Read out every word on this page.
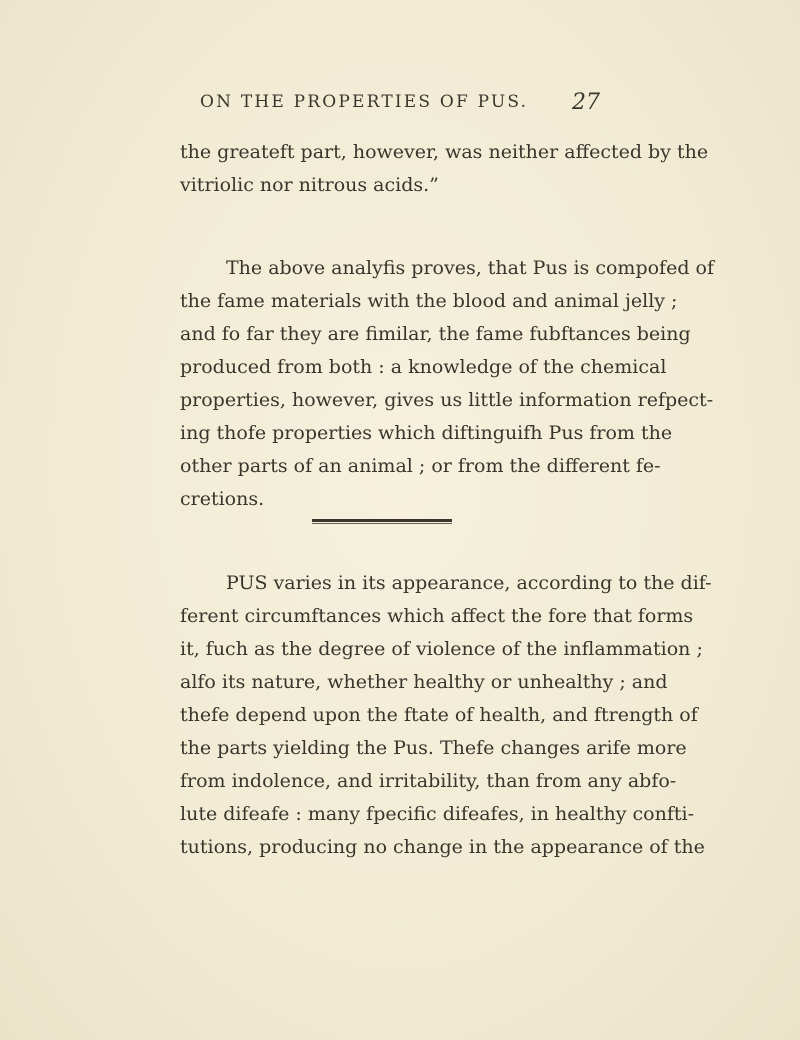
ON THE PROPERTIES OF PUS. 27
the greateft part, however, was neither affected by the
vitriolic nor nitrous acids.”
The above analyfis proves, that Pus is compofed of
the fame materials with the blood and animal jelly ;
and fo far they are fimilar, the fame fubftances being
produced from both : a knowledge of the chemical
properties, however, gives us little information refpect-
ing thofe properties which diftinguifh Pus from the
other parts of an animal ; or from the different fe-
cretions.
PUS varies in its appearance, according to the dif-
ferent circumftances which affect the fore that forms
it, fuch as the degree of violence of the inflammation ;
alfo its nature, whether healthy or unhealthy ; and
thefe depend upon the ftate of health, and ftrength of
the parts yielding the Pus. Thefe changes arife more
from indolence, and irritability, than from any abfo-
lute difeafe : many fpecific difeafes, in healthy confti-
tutions, producing no change in the appearance of the
